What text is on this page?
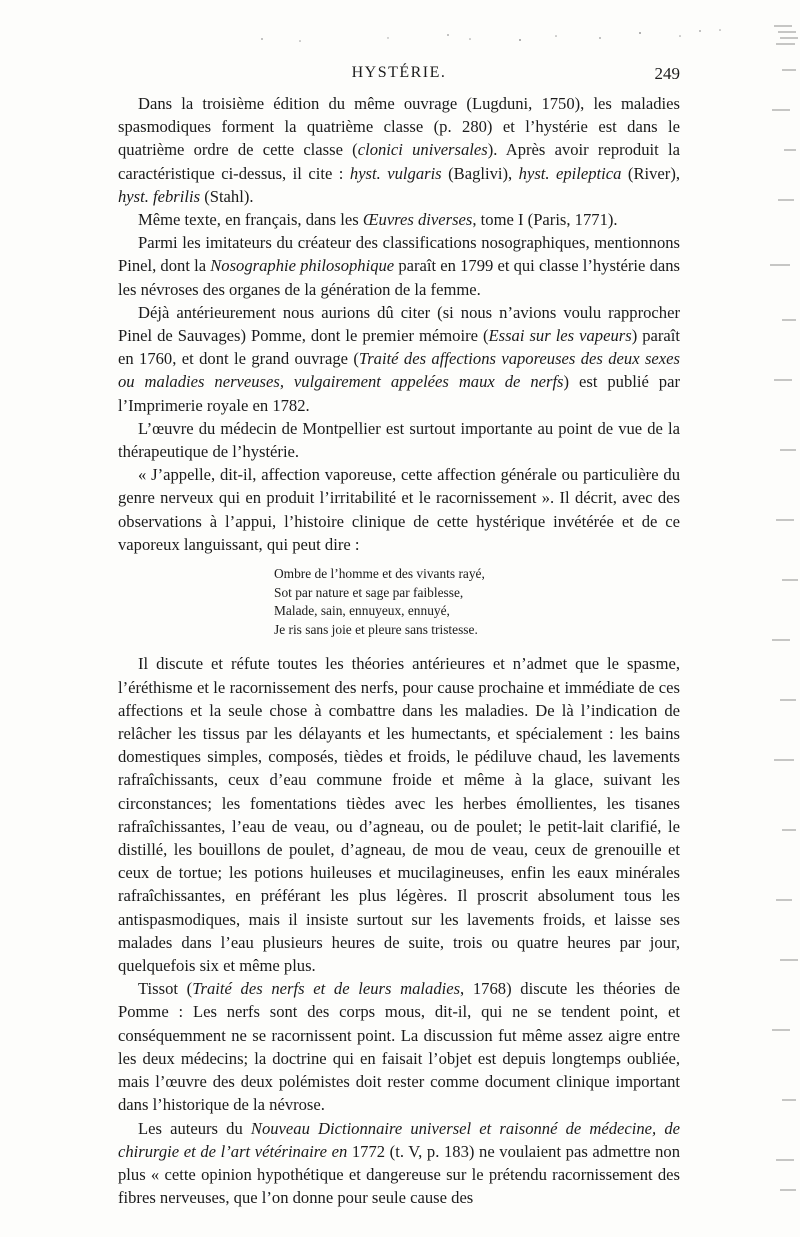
HYSTÉRIE.	249

Dans la troisième édition du même ouvrage (Lugduni, 1750), les maladies spasmodiques forment la quatrième classe (p. 280) et l’hystérie est dans le quatrième ordre de cette classe (clonici universales). Après avoir reproduit la caractéristique ci-dessus, il cite : hyst. vulgaris (Baglivi), hyst. epileptica (River), hyst. febrilis (Stahl).

Même texte, en français, dans les Œuvres diverses, tome I (Paris, 1771).

Parmi les imitateurs du créateur des classifications nosographiques, mentionnons Pinel, dont la Nosographie philosophique paraît en 1799 et qui classe l’hystérie dans les névroses des organes de la génération de la femme.

Déjà antérieurement nous aurions dû citer (si nous n’avions voulu rapprocher Pinel de Sauvages) Pomme, dont le premier mémoire (Essai sur les vapeurs) paraît en 1760, et dont le grand ouvrage (Traité des affections vaporeuses des deux sexes ou maladies nerveuses, vulgairement appelées maux de nerfs) est publié par l’Imprimerie royale en 1782.

L’œuvre du médecin de Montpellier est surtout importante au point de vue de la thérapeutique de l’hystérie.

« J’appelle, dit-il, affection vaporeuse, cette affection générale ou particulière du genre nerveux qui en produit l’irritabilité et le racornissement ». Il décrit, avec des observations à l’appui, l’histoire clinique de cette hystérique invétérée et de ce vaporeux languissant, qui peut dire :

Ombre de l’homme et des vivants rayé,
Sot par nature et sage par faiblesse,
Malade, sain, ennuyeux, ennuyé,
Je ris sans joie et pleure sans tristesse.

Il discute et réfute toutes les théories antérieures et n’admet que le spasme, l’éréthisme et le racornissement des nerfs, pour cause prochaine et immédiate de ces affections et la seule chose à combattre dans les maladies. De là l’indication de relâcher les tissus par les délayants et les humectants, et spécialement : les bains domestiques simples, composés, tièdes et froids, le pédiluve chaud, les lavements rafraîchissants, ceux d’eau commune froide et même à la glace, suivant les circonstances; les fomentations tièdes avec les herbes émollientes, les tisanes rafraîchissantes, l’eau de veau, ou d’agneau, ou de poulet; le petit-lait clarifié, le distillé, les bouillons de poulet, d’agneau, de mou de veau, ceux de grenouille et ceux de tortue; les potions huileuses et mucilagineuses, enfin les eaux minérales rafraîchissantes, en préférant les plus légères. Il proscrit absolument tous les antispasmodiques, mais il insiste surtout sur les lavements froids, et laisse ses malades dans l’eau plusieurs heures de suite, trois ou quatre heures par jour, quelquefois six et même plus.

Tissot (Traité des nerfs et de leurs maladies, 1768) discute les théories de Pomme : Les nerfs sont des corps mous, dit-il, qui ne se tendent point, et conséquemment ne se racornissent point. La discussion fut même assez aigre entre les deux médecins; la doctrine qui en faisait l’objet est depuis longtemps oubliée, mais l’œuvre des deux polémistes doit rester comme document clinique important dans l’historique de la névrose.

Les auteurs du Nouveau Dictionnaire universel et raisonné de médecine, de chirurgie et de l’art vétérinaire en 1772 (t. V, p. 183) ne voulaient pas admettre non plus « cette opinion hypothétique et dangereuse sur le prétendu racornissement des fibres nerveuses, que l’on donne pour seule cause des
